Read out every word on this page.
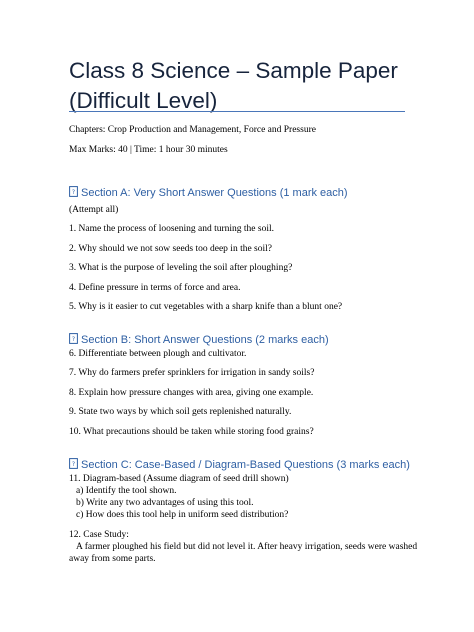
Class 8 Science – Sample Paper (Difficult Level)
Chapters: Crop Production and Management, Force and Pressure
Max Marks: 40 | Time: 1 hour 30 minutes
? Section A: Very Short Answer Questions (1 mark each)
(Attempt all)
1. Name the process of loosening and turning the soil.
2. Why should we not sow seeds too deep in the soil?
3. What is the purpose of leveling the soil after ploughing?
4. Define pressure in terms of force and area.
5. Why is it easier to cut vegetables with a sharp knife than a blunt one?
? Section B: Short Answer Questions (2 marks each)
6. Differentiate between plough and cultivator.
7. Why do farmers prefer sprinklers for irrigation in sandy soils?
8. Explain how pressure changes with area, giving one example.
9. State two ways by which soil gets replenished naturally.
10. What precautions should be taken while storing food grains?
? Section C: Case-Based / Diagram-Based Questions (3 marks each)
11. Diagram-based (Assume diagram of seed drill shown)
a) Identify the tool shown.
b) Write any two advantages of using this tool.
c) How does this tool help in uniform seed distribution?
12. Case Study:
A farmer ploughed his field but did not level it. After heavy irrigation, seeds were washed
away from some parts.
